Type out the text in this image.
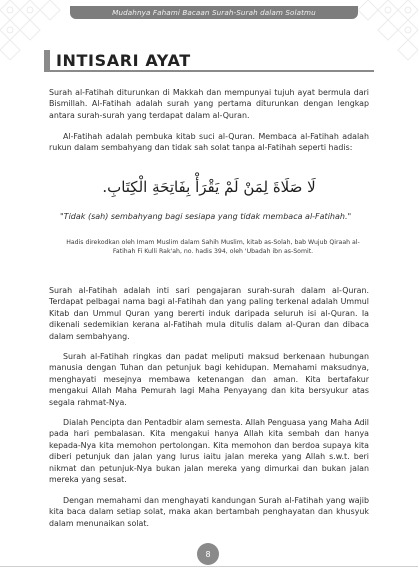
Mudahnya Fahami Bacaan Surah-Surah dalam Solatmu
INTISARI AYAT

Surah al-Fatihah diturunkan di Makkah dan mempunyai tujuh ayat bermula dari Bismillah. Al-Fatihah adalah surah yang pertama diturunkan dengan lengkap antara surah-surah yang terdapat dalam al-Quran.

Al-Fatihah adalah pembuka kitab suci al-Quran. Membaca al-Fatihah adalah rukun dalam sembahyang dan tidak sah solat tanpa al-Fatihah seperti hadis:

لَا صَلَاةَ لِمَنْ لَمْ يَقْرَأْ بِفَاتِحَةِ الْكِتَابِ.
"Tidak (sah) sembahyang bagi sesiapa yang tidak membaca al-Fatihah."
Hadis direkodkan oleh Imam Muslim dalam Sahih Muslim, kitab as-Solah, bab Wujub Qiraah al-Fatihah Fi Kulli Rak'ah, no. hadis 394, oleh 'Ubadah ibn as-Somit.

Surah al-Fatihah adalah inti sari pengajaran surah-surah dalam al-Quran. Terdapat pelbagai nama bagi al-Fatihah dan yang paling terkenal adalah Ummul Kitab dan Ummul Quran yang bererti induk daripada seluruh isi al-Quran. Ia dikenali sedemikian kerana al-Fatihah mula ditulis dalam al-Quran dan dibaca dalam sembahyang.

Surah al-Fatihah ringkas dan padat meliputi maksud berkenaan hubungan manusia dengan Tuhan dan petunjuk bagi kehidupan. Memahami maksudnya, menghayati mesejnya membawa ketenangan dan aman. Kita bertafakur mengakui Allah Maha Pemurah lagi Maha Penyayang dan kita bersyukur atas segala rahmat-Nya.

Dialah Pencipta dan Pentadbir alam semesta. Allah Penguasa yang Maha Adil pada hari pembalasan. Kita mengakui hanya Allah kita sembah dan hanya kepada-Nya kita memohon pertolongan. Kita memohon dan berdoa supaya kita diberi petunjuk dan jalan yang lurus iaitu jalan mereka yang Allah s.w.t. beri nikmat dan petunjuk-Nya bukan jalan mereka yang dimurkai dan bukan jalan mereka yang sesat.

Dengan memahami dan menghayati kandungan Surah al-Fatihah yang wajib kita baca dalam setiap solat, maka akan bertambah penghayatan dan khusyuk dalam menunaikan solat.

8
